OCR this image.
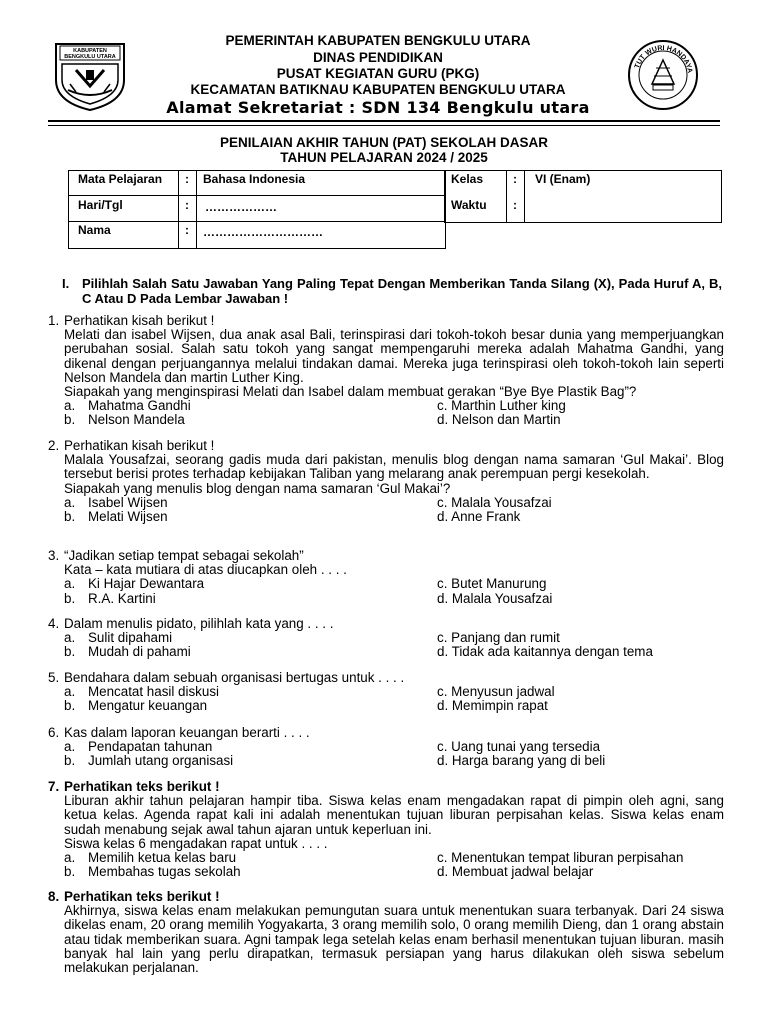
KABUPATEN
BENGKULU UTARA
TUT WURI HANDAYA
PEMERINTAH KABUPATEN BENGKULU UTARA
DINAS PENDIDIKAN
PUSAT KEGIATAN GURU (PKG)
KECAMATAN BATIKNAU KABUPATEN BENGKULU UTARA
Alamat Sekretariat : SDN 134 Bengkulu utara
PENILAIAN AKHIR TAHUN (PAT) SEKOLAH DASAR
TAHUN PELAJARAN 2024 / 2025
Mata Pelajaran : Bahasa Indonesia
Hari/Tgl	: ………………
Nama	: …………………………
Kelas : VI (Enam)
Waktu :
I. Pilihlah Salah Satu Jawaban Yang Paling Tepat Dengan Memberikan Tanda Silang (X), Pada Huruf A, B, C Atau D Pada Lembar Jawaban !
1. Perhatikan kisah berikut !

Melati dan isabel Wijsen, dua anak asal Bali, terinspirasi dari tokoh-tokoh besar dunia yang memperjuangkan perubahan sosial. Salah satu tokoh yang sangat mempengaruhi mereka adalah Mahatma Gandhi, yang dikenal dengan perjuangannya melalui tindakan damai. Mereka juga terinspirasi oleh tokoh-tokoh lain seperti Nelson Mandela dan martin Luther King.

Siapakah yang menginspirasi Melati dan Isabel dalam membuat gerakan “Bye Bye Plastik Bag”?

a. Mahatma Gandhi	c. Marthin Luther king
b. Nelson Mandela	d. Nelson dan Martin
2. Perhatikan kisah berikut !

Malala Yousafzai, seorang gadis muda dari pakistan, menulis blog dengan nama samaran ‘Gul Makai’. Blog tersebut berisi protes terhadap kebijakan Taliban yang melarang anak perempuan pergi kesekolah.

Siapakah yang menulis blog dengan nama samaran ‘Gul Makai’?

a. Isabel Wijsen	c. Malala Yousafzai
b. Melati Wijsen	d. Anne Frank
3. “Jadikan setiap tempat sebagai sekolah”

Kata – kata mutiara di atas diucapkan oleh . . . .

a. Ki Hajar Dewantara	c. Butet Manurung
b. R.A. Kartini	d. Malala Yousafzai
4. Dalam menulis pidato, pilihlah kata yang . . . .

a. Sulit dipahami	c. Panjang dan rumit
b. Mudah di pahami	d. Tidak ada kaitannya dengan tema
5. Bendahara dalam sebuah organisasi bertugas untuk . . . .

a. Mencatat hasil diskusi	c. Menyusun jadwal
b. Mengatur keuangan	d. Memimpin rapat
6. Kas dalam laporan keuangan berarti . . . .

a. Pendapatan tahunan	c. Uang tunai yang tersedia
b. Jumlah utang organisasi	d. Harga barang yang di beli
7. Perhatikan teks berikut !

Liburan akhir tahun pelajaran hampir tiba. Siswa kelas enam mengadakan rapat di pimpin oleh agni, sang ketua kelas. Agenda rapat kali ini adalah menentukan tujuan liburan perpisahan kelas. Siswa kelas enam sudah menabung sejak awal tahun ajaran untuk keperluan ini.

Siswa kelas 6 mengadakan rapat untuk . . . .

a. Memilih ketua kelas baru	c. Menentukan tempat liburan perpisahan
b. Membahas tugas sekolah	d. Membuat jadwal belajar
8. Perhatikan teks berikut !

Akhirnya, siswa kelas enam melakukan pemungutan suara untuk menentukan suara terbanyak. Dari 24 siswa dikelas enam, 20 orang memilih Yogyakarta, 3 orang memilih solo, 0 orang memilih Dieng, dan 1 orang abstain atau tidak memberikan suara. Agni tampak lega setelah kelas enam berhasil menentukan tujuan liburan. masih banyak hal lain yang perlu dirapatkan, termasuk persiapan yang harus dilakukan oleh siswa sebelum melakukan perjalanan.
